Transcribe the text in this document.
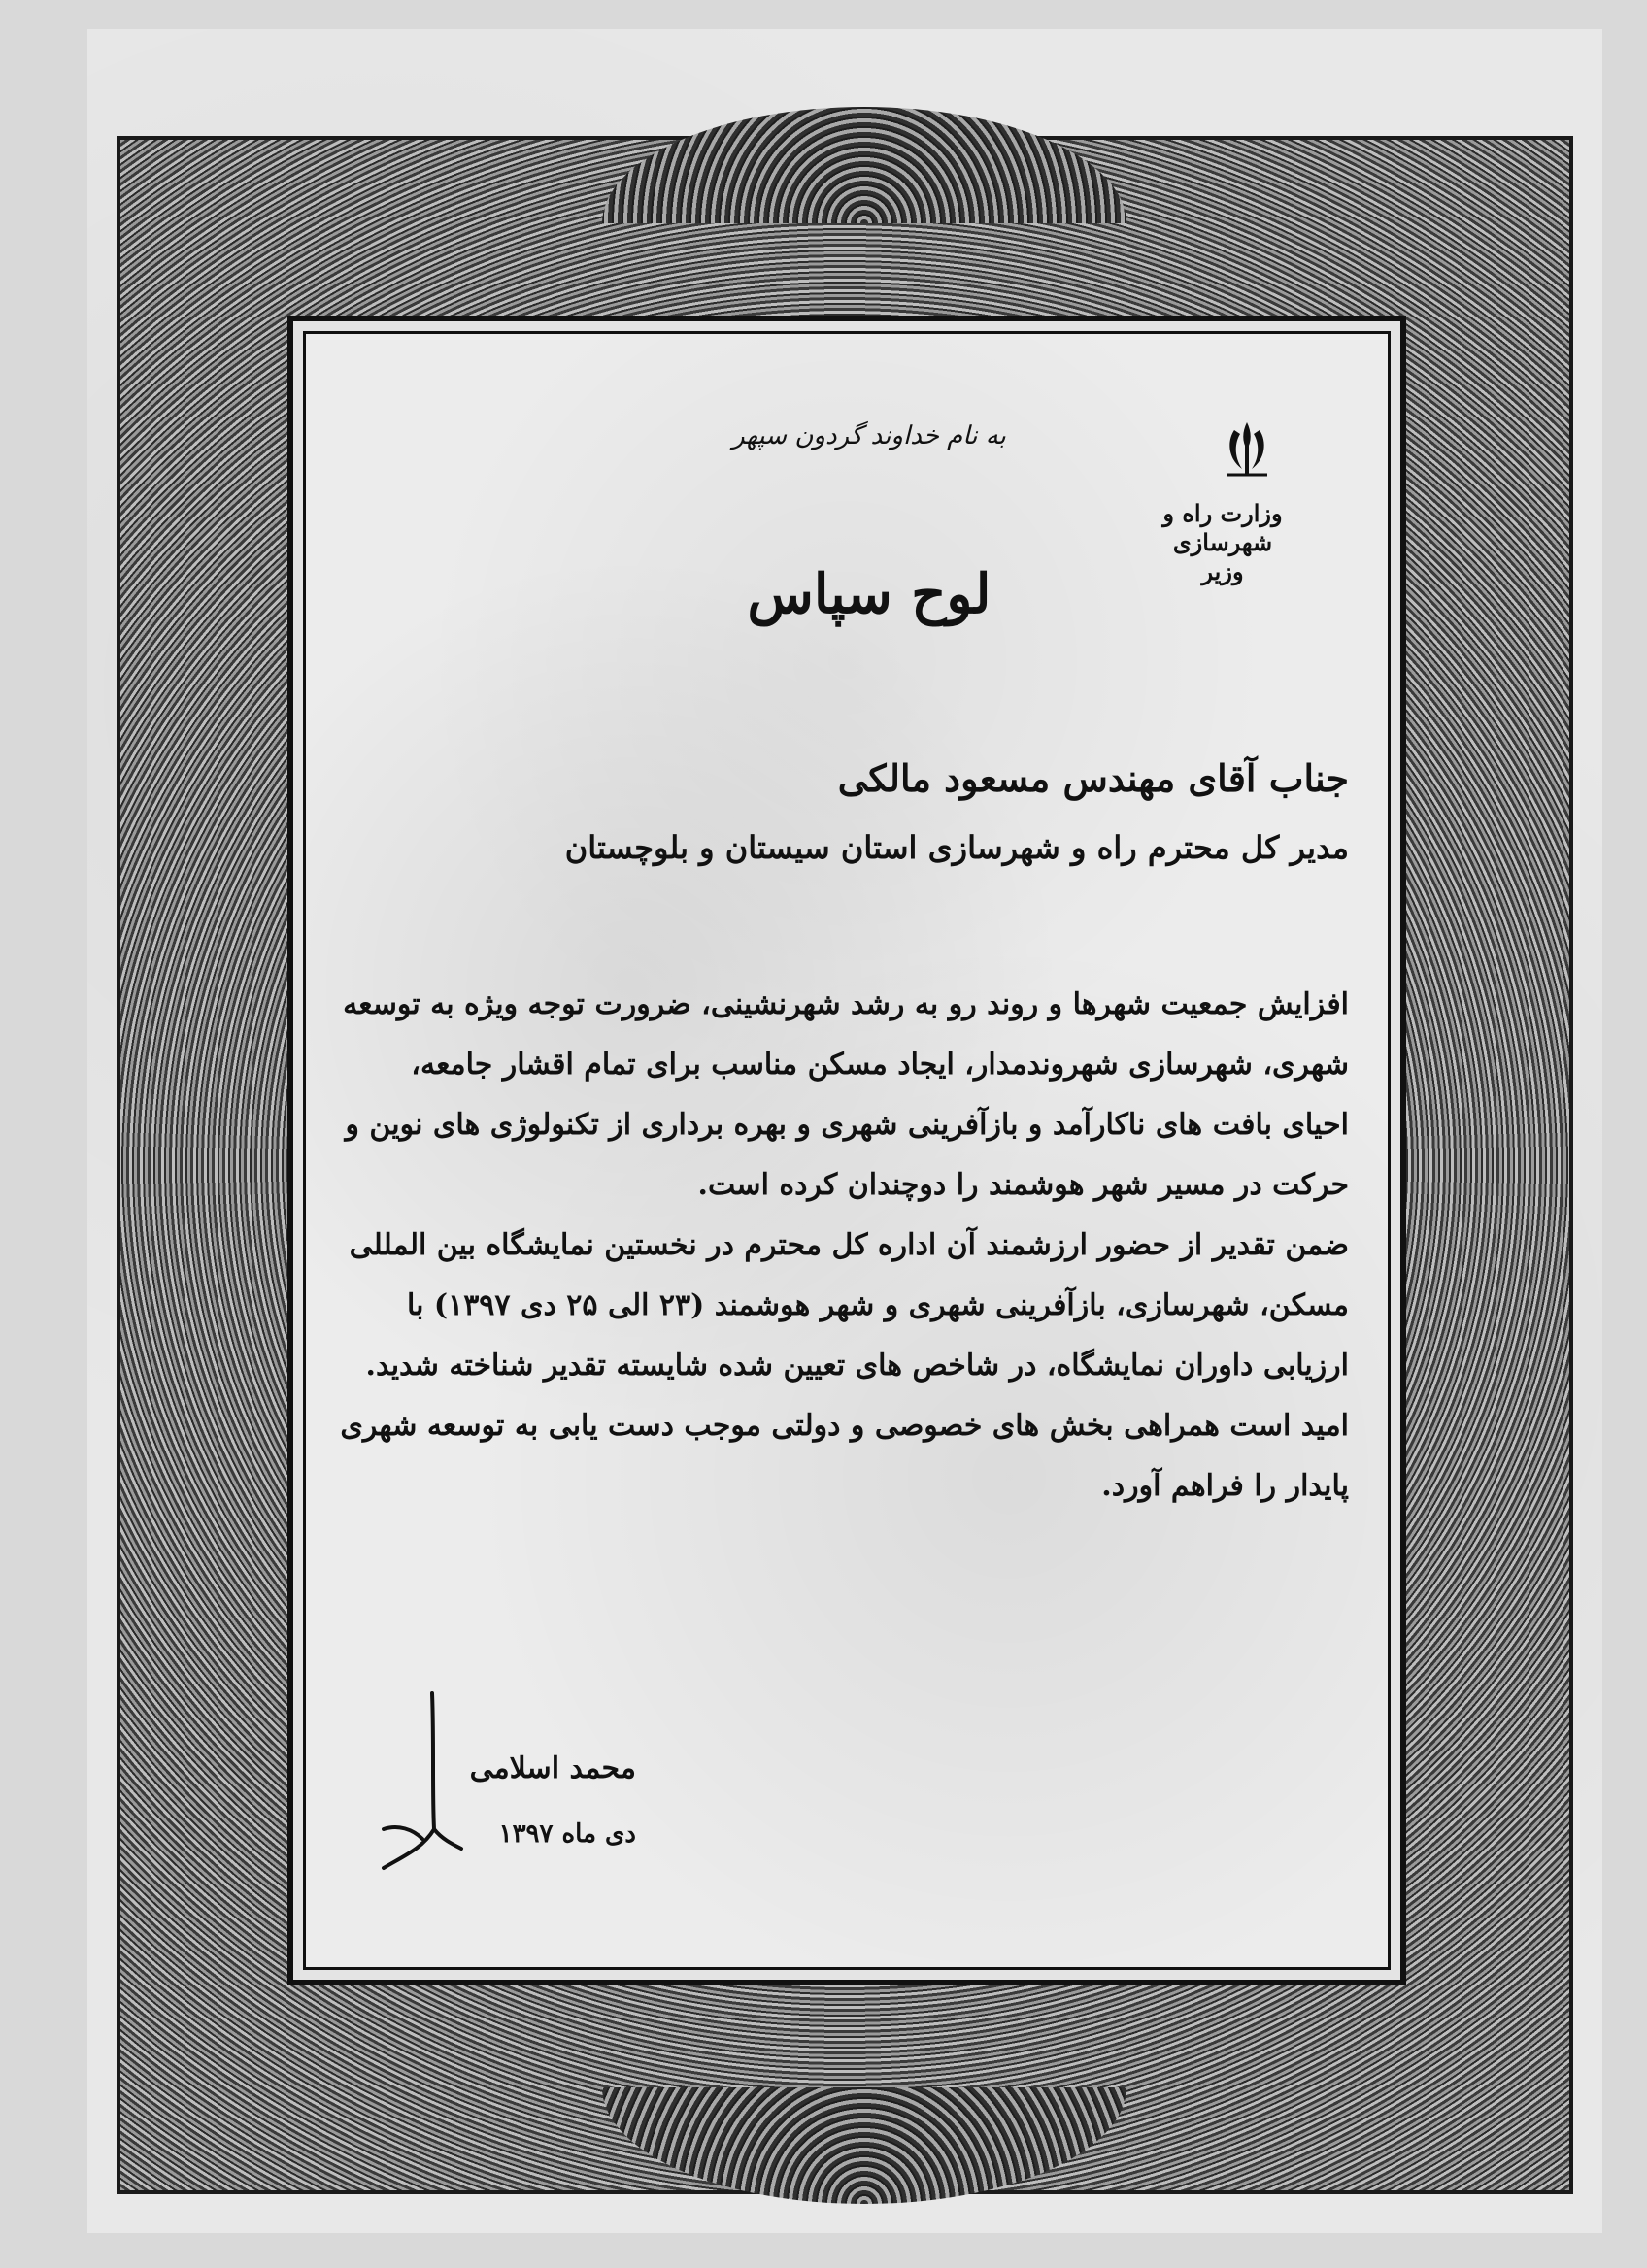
به نام خداوند گردون سپهر
وزارت راه و شهرسازی
وزیر
لوح سپاس
جناب آقای مهندس مسعود مالکی
مدیر کل محترم راه و شهرسازی استان سیستان و بلوچستان

افزایش جمعیت شهرها و روند رو به رشد شهرنشینی، ضرورت توجه ویژه به توسعه شهری، شهرسازی شهروندمدار، ایجاد مسکن مناسب برای تمام اقشار جامعه، احیای بافت های ناکارآمد و بازآفرینی شهری و بهره برداری از تکنولوژی های نوین و حرکت در مسیر شهر هوشمند را دوچندان کرده است.

ضمن تقدیر از حضور ارزشمند آن اداره کل محترم در نخستین نمایشگاه بین المللی مسکن، شهرسازی، بازآفرینی شهری و شهر هوشمند (۲۳ الی ۲۵ دی ۱۳۹۷) با ارزیابی داوران نمایشگاه، در شاخص های تعیین شده شایسته تقدیر شناخته شدید.

امید است همراهی بخش های خصوصی و دولتی موجب دست یابی به توسعه شهری پایدار را فراهم آورد.

محمد اسلامی
دی ماه ۱۳۹۷
